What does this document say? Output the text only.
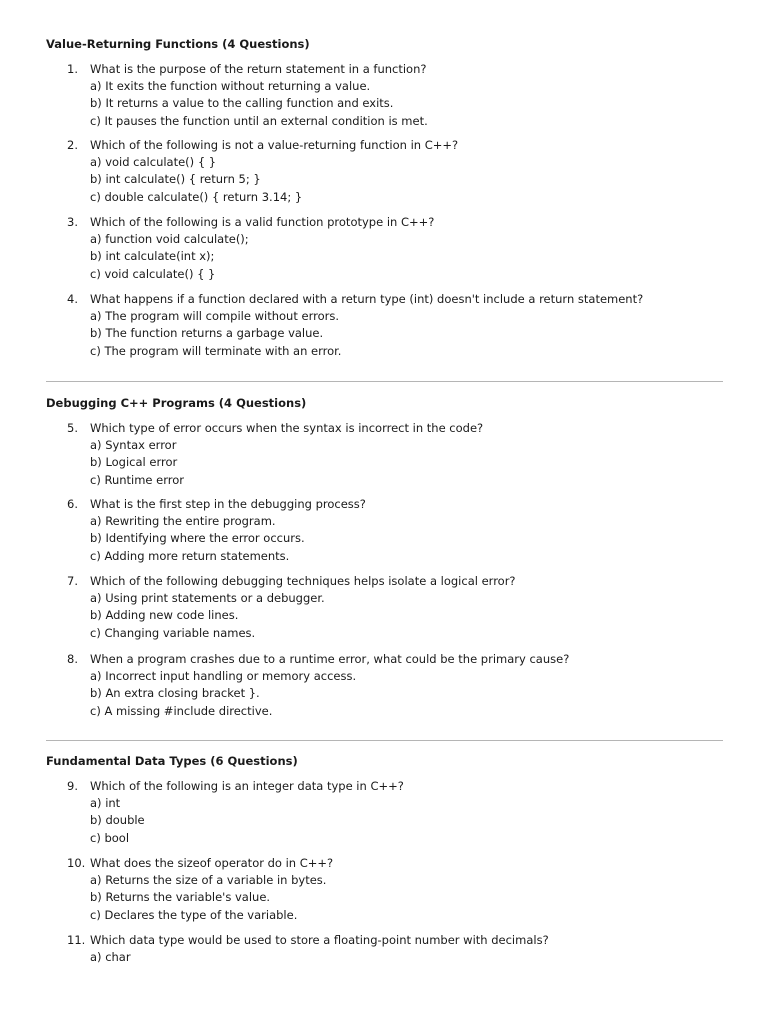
Value-Returning Functions (4 Questions)
1.	What is the purpose of the return statement in a function?
a) It exits the function without returning a value.
b) It returns a value to the calling function and exits.
c) It pauses the function until an external condition is met.
2.	Which of the following is not a value-returning function in C++?
a) void calculate() { }
b) int calculate() { return 5; }
c) double calculate() { return 3.14; }
3.	Which of the following is a valid function prototype in C++?
a) function void calculate();
b) int calculate(int x);
c) void calculate() { }
4.	What happens if a function declared with a return type (int) doesn't include a return statement?
a) The program will compile without errors.
b) The function returns a garbage value.
c) The program will terminate with an error.
Debugging C++ Programs (4 Questions)
5.	Which type of error occurs when the syntax is incorrect in the code?
a) Syntax error
b) Logical error
c) Runtime error
6.	What is the first step in the debugging process?
a) Rewriting the entire program.
b) Identifying where the error occurs.
c) Adding more return statements.
7.	Which of the following debugging techniques helps isolate a logical error?
a) Using print statements or a debugger.
b) Adding new code lines.
c) Changing variable names.
8.	When a program crashes due to a runtime error, what could be the primary cause?
a) Incorrect input handling or memory access.
b) An extra closing bracket }.
c) A missing #include directive.
Fundamental Data Types (6 Questions)
9.	Which of the following is an integer data type in C++?
a) int
b) double
c) bool
10. What does the sizeof operator do in C++?
a) Returns the size of a variable in bytes.
b) Returns the variable's value.
c) Declares the type of the variable.
11. Which data type would be used to store a floating-point number with decimals?
a) char
